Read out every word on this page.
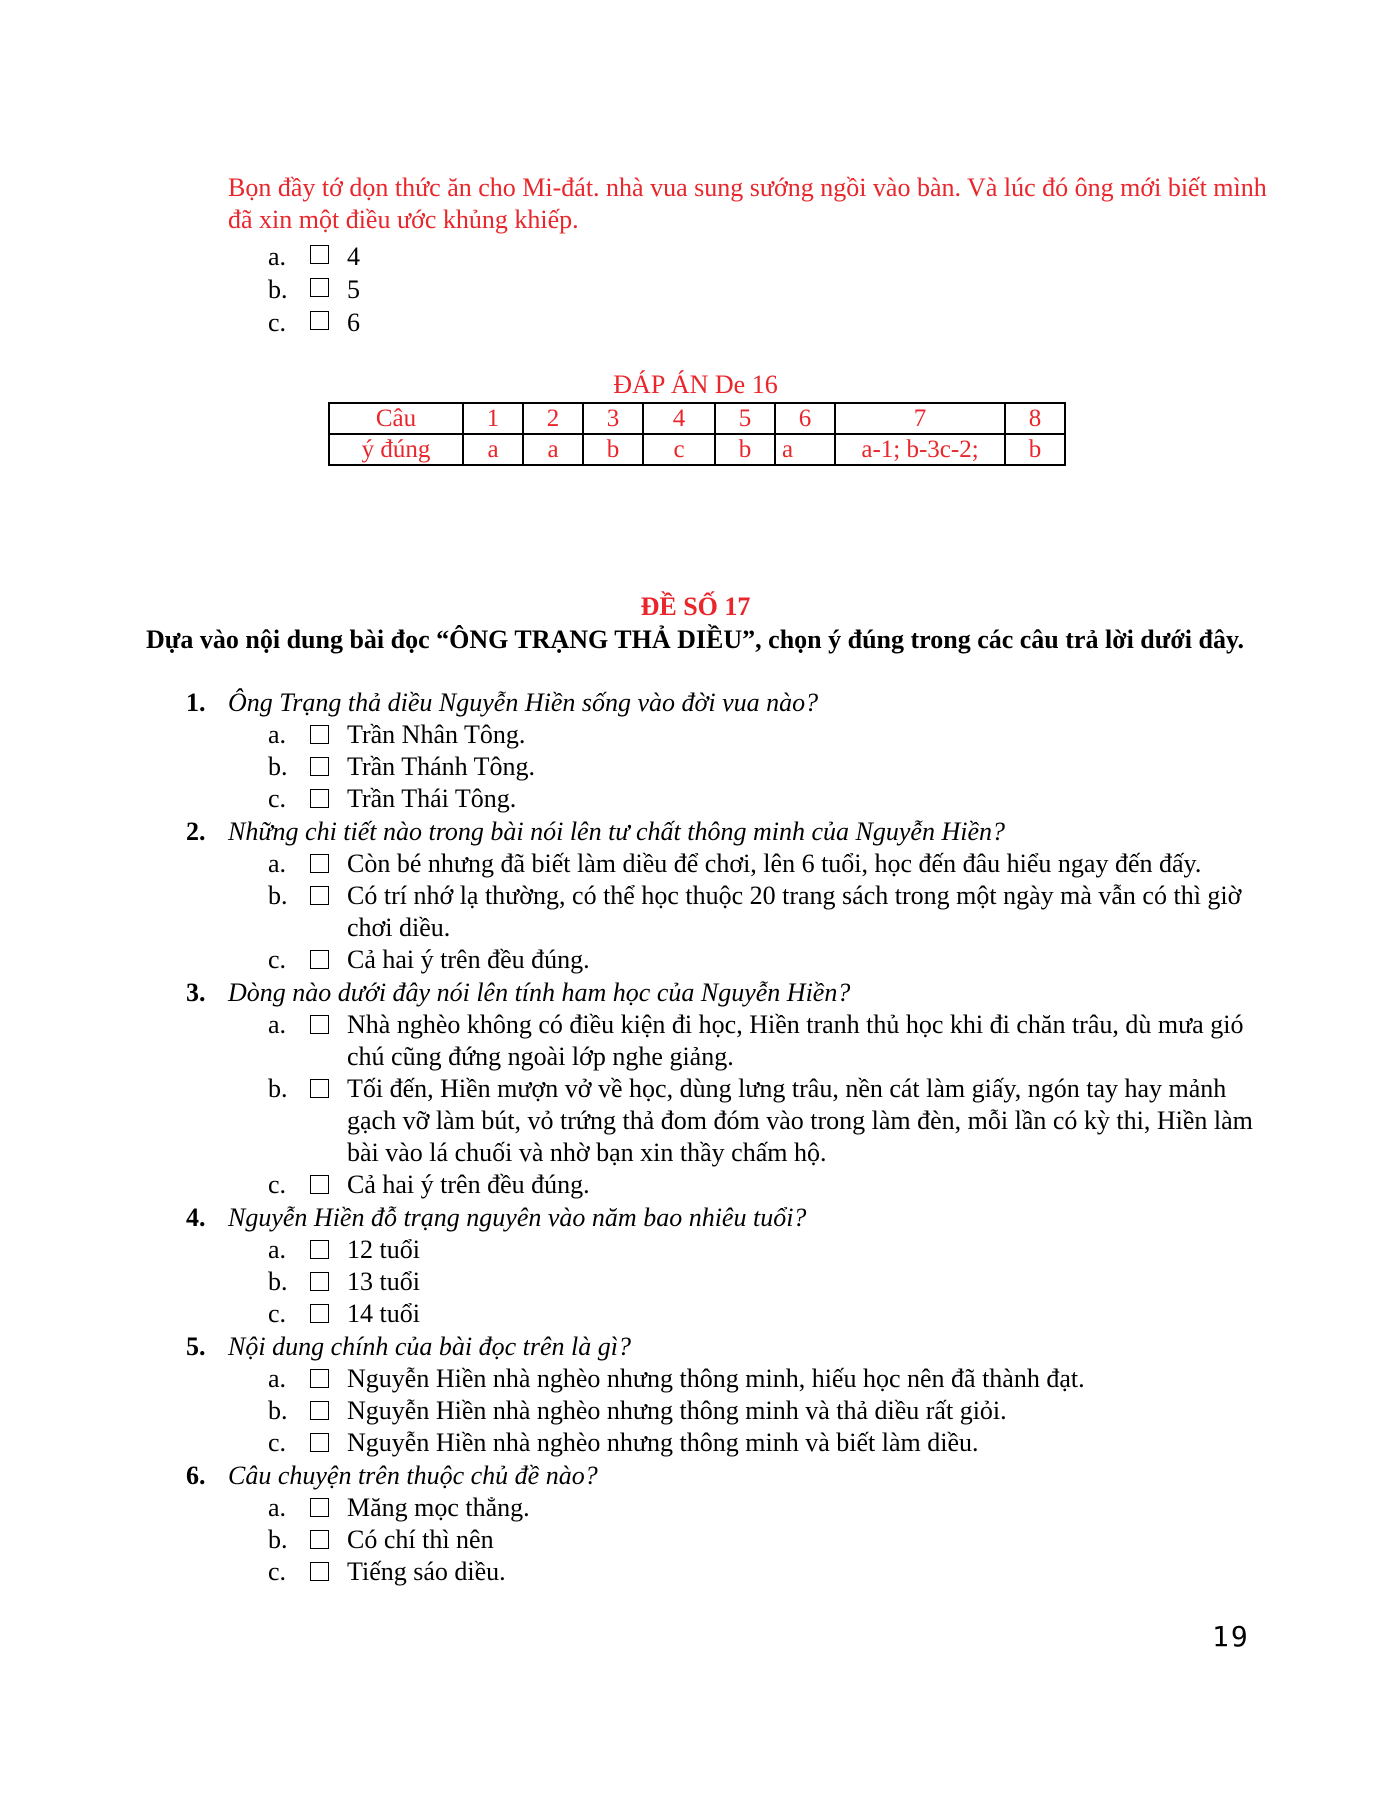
Bọn đầy tớ dọn thức ăn cho Mi-đát. nhà vua sung sướng ngồi vào bàn. Và lúc đó ông mới biết mình đã xin một điều ước khủng khiếp.
a.	4
b.	5
c.	6
ĐÁP ÁN De 16
Câu	1	2	3	4	5	6	7	8
ý đúng	a	a	b	c	b	a	a-1; b-3c-2;	b
ĐỀ SỐ 17
Dựa vào nội dung bài đọc “ÔNG TRẠNG THẢ DIỀU”, chọn ý đúng trong các câu trả lời dưới đây.
1. Ông Trạng thả diều Nguyễn Hiền sống vào đời vua nào?
a.	Trần Nhân Tông.
b.	Trần Thánh Tông.
c.	Trần Thái Tông.
2. Những chi tiết nào trong bài nói lên tư chất thông minh của Nguyễn Hiền?
a.	Còn bé nhưng đã biết làm diều để chơi, lên 6 tuổi, học đến đâu hiểu ngay đến đấy.
b.	Có trí nhớ lạ thường, có thể học thuộc 20 trang sách trong một ngày mà vẫn có thì giờ chơi diều.
c.	Cả hai ý trên đều đúng.
3. Dòng nào dưới đây nói lên tính ham học của Nguyễn Hiền?
a.	Nhà nghèo không có điều kiện đi học, Hiền tranh thủ học khi đi chăn trâu, dù mưa gió chú cũng đứng ngoài lớp nghe giảng.
b.	Tối đến, Hiền mượn vở về học, dùng lưng trâu, nền cát làm giấy, ngón tay hay mảnh gạch vỡ làm bút, vỏ trứng thả đom đóm vào trong làm đèn, mỗi lần có kỳ thi, Hiền làm bài vào lá chuối và nhờ bạn xin thầy chấm hộ.
c.	Cả hai ý trên đều đúng.
4. Nguyễn Hiền đỗ trạng nguyên vào năm bao nhiêu tuổi?
a.	12 tuổi
b.	13 tuổi
c.	14 tuổi
5. Nội dung chính của bài đọc trên là gì?
a.	Nguyễn Hiền nhà nghèo nhưng thông minh, hiếu học nên đã thành đạt.
b.	Nguyễn Hiền nhà nghèo nhưng thông minh và thả diều rất giỏi.
c.	Nguyễn Hiền nhà nghèo nhưng thông minh và biết làm diều.
6. Câu chuyện trên thuộc chủ đề nào?
a.	Măng mọc thẳng.
b.	Có chí thì nên
c.	Tiếng sáo diều.
19
